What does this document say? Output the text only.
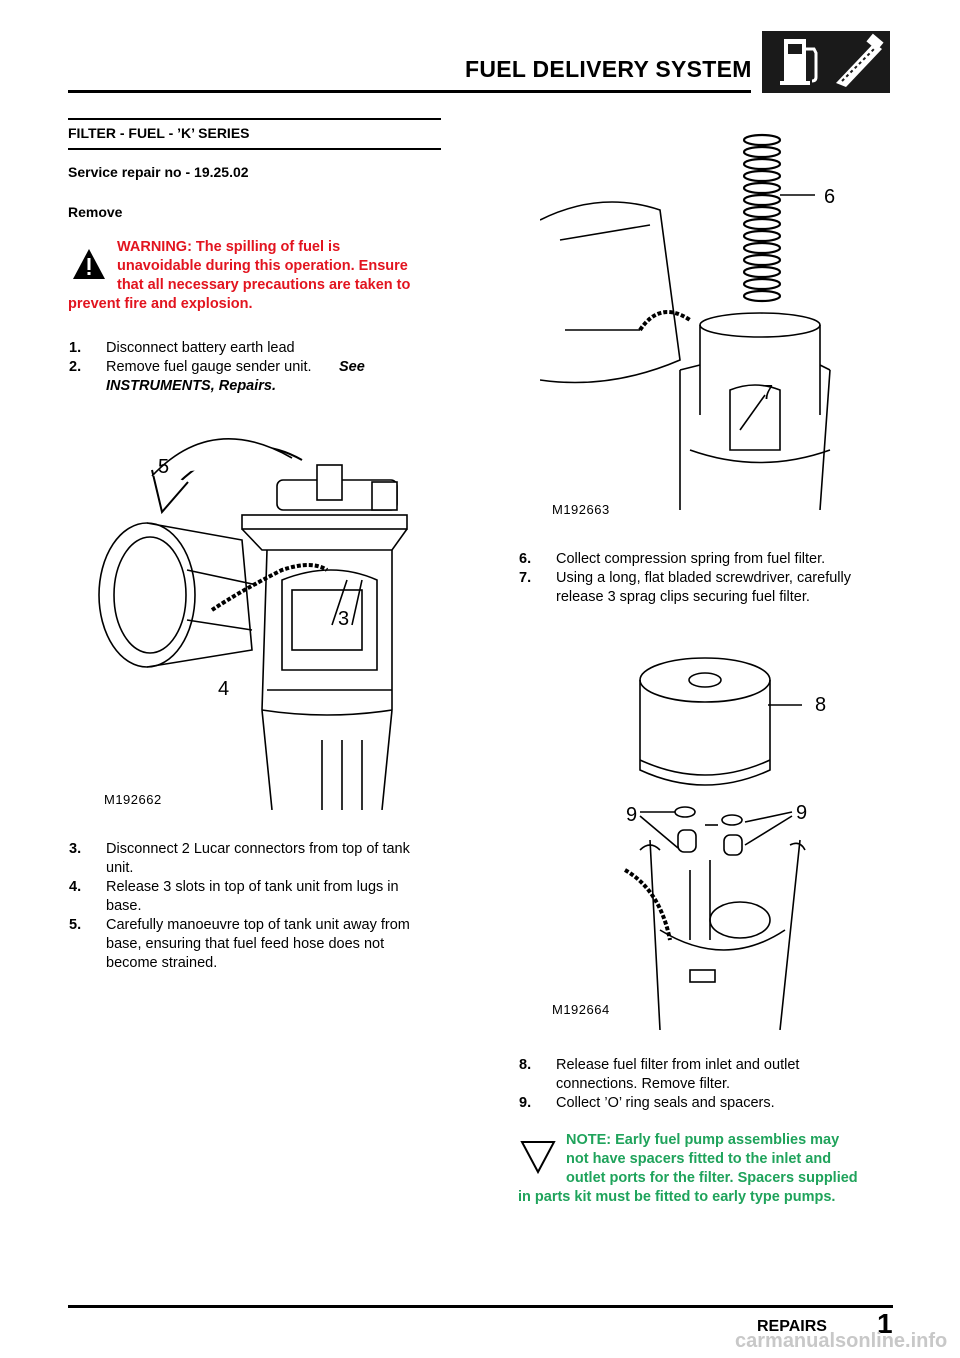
FUEL DELIVERY SYSTEM
FILTER - FUEL - ’K’ SERIES
Service repair no - 19.25.02
Remove
WARNING: The spilling of fuel is
unavoidable during this operation. Ensure
that all necessary precautions are taken to
prevent fire and explosion.
1. Disconnect battery earth lead
2. Remove fuel gauge sender unit. See
INSTRUMENTS, Repairs.
5
3
4
M192662
3. Disconnect 2 Lucar connectors from top of tank
unit.
4. Release 3 slots in top of tank unit from lugs in
base.
5. Carefully manoeuvre top of tank unit away from
base, ensuring that fuel feed hose does not
become strained.
6
7
M192663
6. Collect compression spring from fuel filter.
7. Using a long, flat bladed screwdriver, carefully
release 3 sprag clips securing fuel filter.
8
9	9
M192664
8. Release fuel filter from inlet and outlet
connections. Remove filter.
9. Collect ’O’ ring seals and spacers.
NOTE: Early fuel pump assemblies may
not have spacers fitted to the inlet and
outlet ports for the filter. Spacers supplied
in parts kit must be fitted to early type pumps.
REPAIRS 1
carmanualsonline.info
